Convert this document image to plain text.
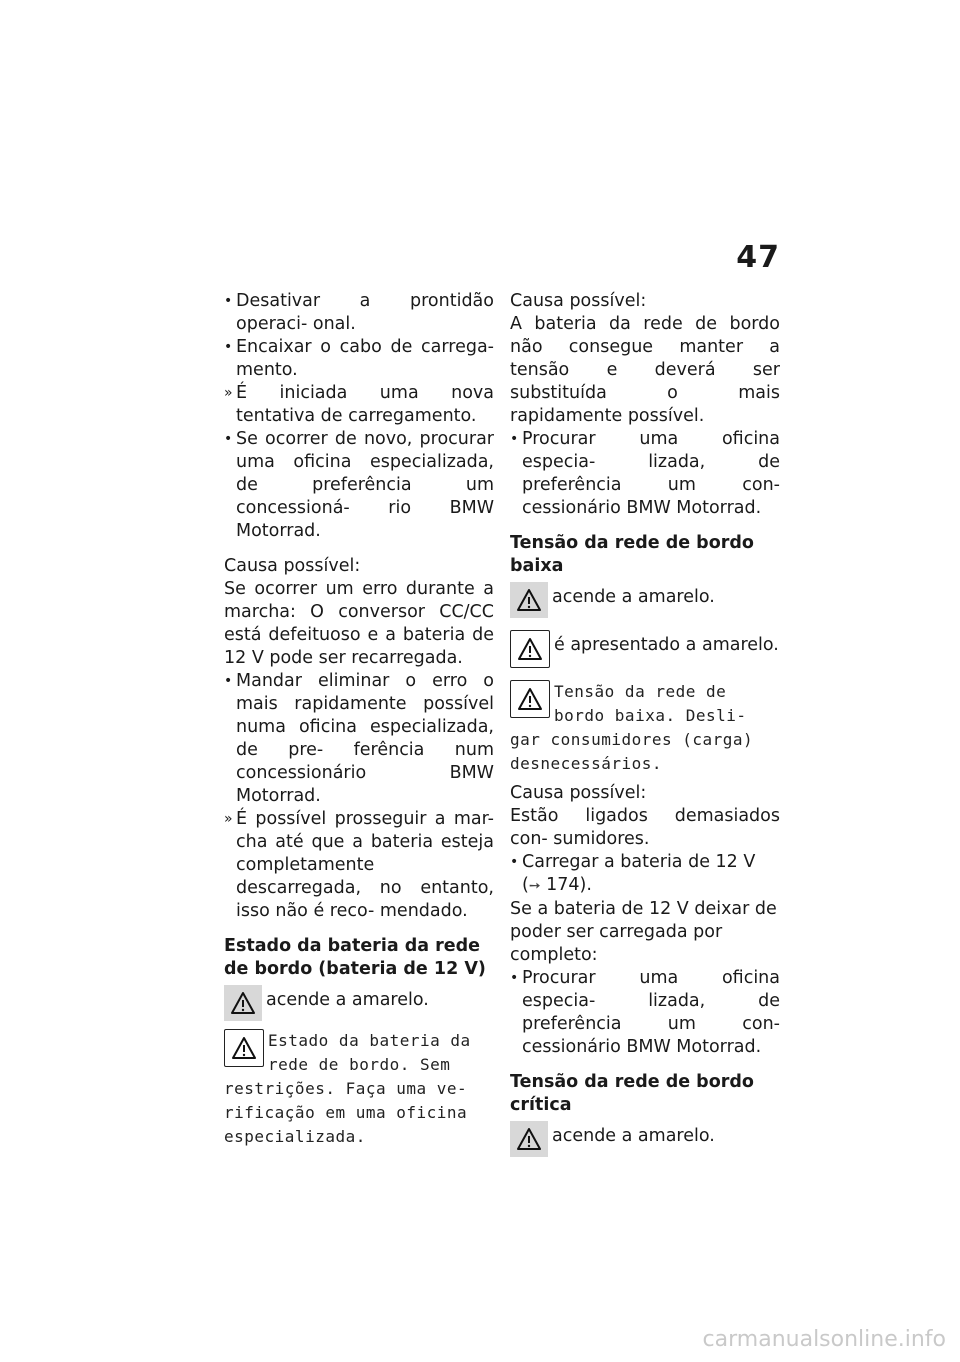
47

• Desativar a prontidão operaci- onal.

• Encaixar o cabo de carrega- mento.

» É iniciada uma nova tentativa de carregamento.

• Se ocorrer de novo, procurar uma oficina especializada, de preferência um concessioná- rio BMW Motorrad.

Causa possível:

Se ocorrer um erro durante a marcha: O conversor CC/CC está defeituoso e a bateria de 12 V pode ser recarregada.

• Mandar eliminar o erro o mais rapidamente possível numa oficina especializada, de pre- ferência num concessionário BMW Motorrad.

» É possível prosseguir a mar- cha até que a bateria esteja completamente descarregada, no entanto, isso não é reco- mendado.

Estado da bateria da rede de bordo (bateria de 12 V)

acende a amarelo.
Estado da bateria da rede de bordo. Sem restrições. Faça uma ve- rificação em uma oficina especializada.

Causa possível:

A bateria da rede de bordo não consegue manter a tensão e deverá ser substituída o mais rapidamente possível.

• Procurar uma oficina especia- lizada, de preferência um con- cessionário BMW Motorrad.

Tensão da rede de bordo baixa

acende a amarelo.
é apresentado a amarelo.
Tensão da rede de bordo baixa. Desli- gar consumidores (carga) desnecessários.

Causa possível:

Estão ligados demasiados con- sumidores.

• Carregar a bateria de 12 V
(➙ 174).

Se a bateria de 12 V deixar de poder ser carregada por completo:

• Procurar uma oficina especia- lizada, de preferência um con- cessionário BMW Motorrad.

Tensão da rede de bordo crítica

acende a amarelo.
carmanualsonline.info
